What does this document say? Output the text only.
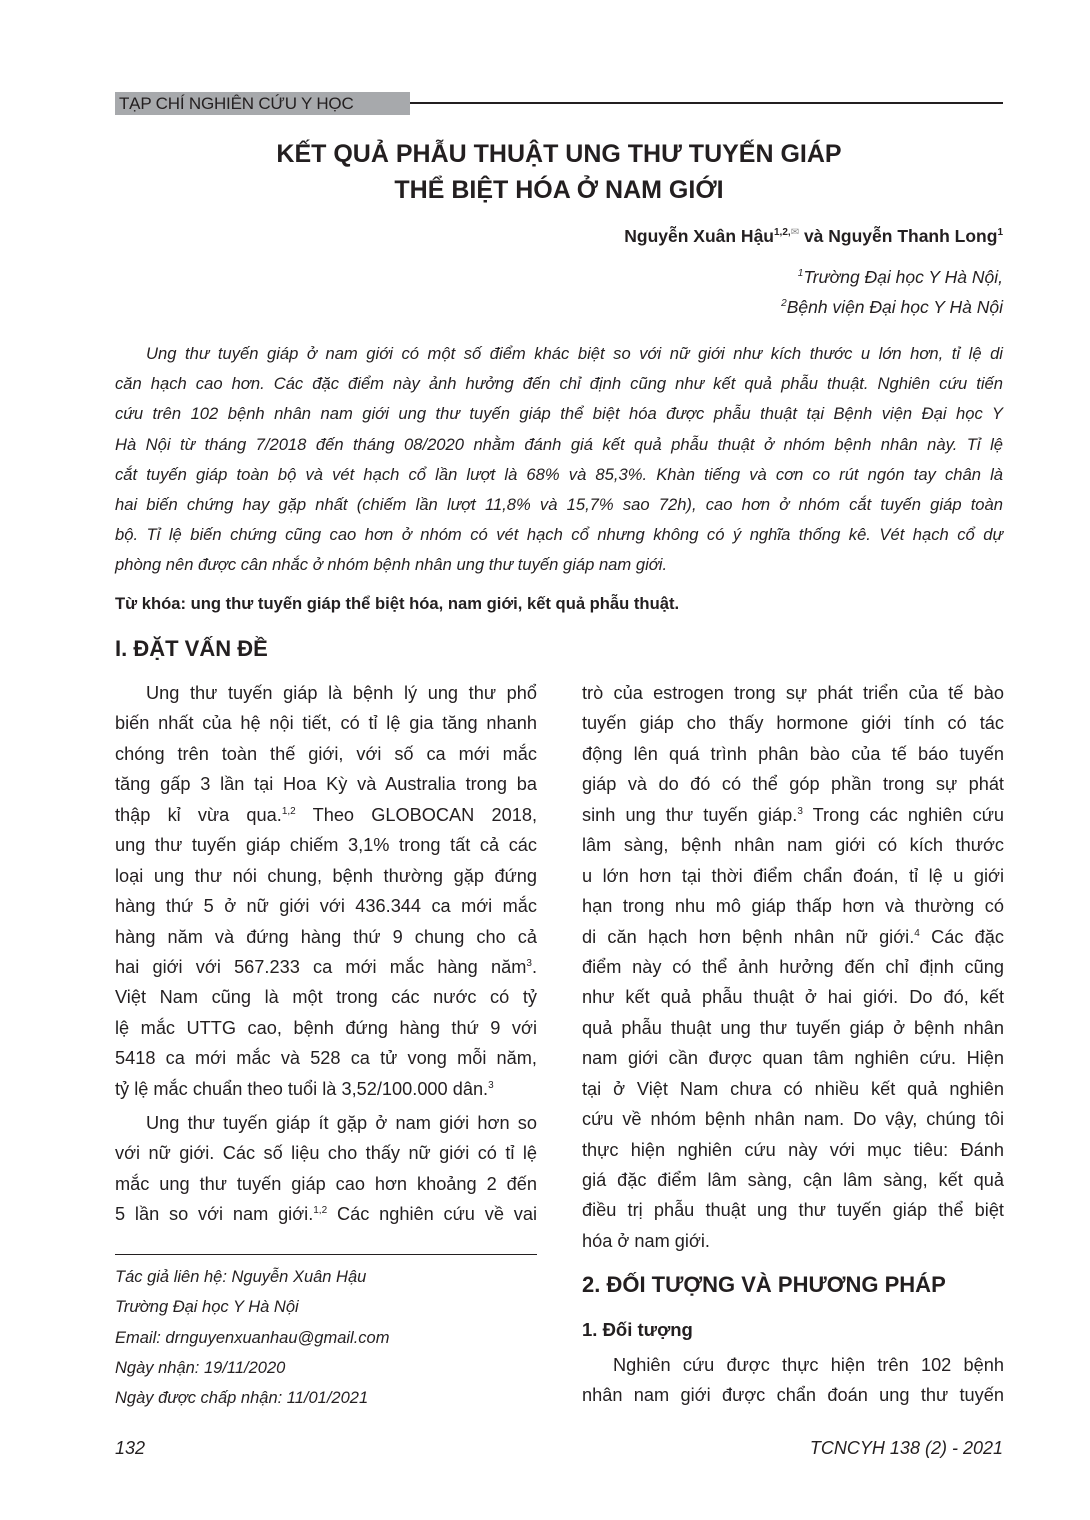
TẠP CHÍ NGHIÊN CỨU Y HỌC
KẾT QUẢ PHẪU THUẬT UNG THƯ TUYẾN GIÁP
THỂ BIỆT HÓA Ở NAM GIỚI
Nguyễn Xuân Hậu$^{1,2,✉}$ và Nguyễn Thanh Long$^1$
$^1$Trường Đại học Y Hà Nội,
$^2$Bệnh viện Đại học Y Hà Nội
Ung thư tuyến giáp ở nam giới có một số điểm khác biệt so với nữ giới như kích thước u lớn hơn, tỉ lệ di
căn hạch cao hơn. Các đặc điểm này ảnh hưởng đến chỉ định cũng như kết quả phẫu thuật. Nghiên cứu tiến
cứu trên 102 bệnh nhân nam giới ung thư tuyến giáp thể biệt hóa được phẫu thuật tại Bệnh viện Đại học Y
Hà Nội từ tháng 7/2018 đến tháng 08/2020 nhằm đánh giá kết quả phẫu thuật ở nhóm bệnh nhân này. Tỉ lệ
cắt tuyến giáp toàn bộ và vét hạch cổ lần lượt là 68% và 85,3%. Khàn tiếng và cơn co rút ngón tay chân là
hai biến chứng hay gặp nhất (chiếm lần lượt 11,8% và 15,7% sao 72h), cao hơn ở nhóm cắt tuyến giáp toàn
bộ. Tỉ lệ biến chứng cũng cao hơn ở nhóm có vét hạch cổ nhưng không có ý nghĩa thống kê. Vét hạch cổ dự
phòng nên được cân nhắc ở nhóm bệnh nhân ung thư tuyến giáp nam giới.
Từ khóa: ung thư tuyến giáp thể biệt hóa, nam giới, kết quả phẫu thuật.
I. ĐẶT VẤN ĐỀ
Ung thư tuyến giáp là bệnh lý ung thư phổ
biến nhất của hệ nội tiết, có tỉ lệ gia tăng nhanh
chóng trên toàn thế giới, với số ca mới mắc
tăng gấp 3 lần tại Hoa Kỳ và Australia trong ba
thập kỉ vừa qua.$^{1,2}$ Theo GLOBOCAN 2018,
ung thư tuyến giáp chiếm 3,1% trong tất cả các
loại ung thư nói chung, bệnh thường gặp đứng
hàng thứ 5 ở nữ giới với 436.344 ca mới mắc
hàng năm và đứng hàng thứ 9 chung cho cả
hai giới với 567.233 ca mới mắc hàng năm$^3$.
Việt Nam cũng là một trong các nước có tỷ
lệ mắc UTTG cao, bệnh đứng hàng thứ 9 với
5418 ca mới mắc và 528 ca tử vong mỗi năm,
tỷ lệ mắc chuẩn theo tuổi là 3,52/100.000 dân.$^3$
Ung thư tuyến giáp ít gặp ở nam giới hơn so
với nữ giới. Các số liệu cho thấy nữ giới có tỉ lệ
mắc ung thư tuyến giáp cao hơn khoảng 2 đến
5 lần so với nam giới.$^{1,2}$ Các nghiên cứu về vai
Tác giả liên hệ: Nguyễn Xuân Hậu
Trường Đại học Y Hà Nội
Email: drnguyenxuanhau@gmail.com
Ngày nhận: 19/11/2020
Ngày được chấp nhận: 11/01/2021
trò của estrogen trong sự phát triển của tế bào
tuyến giáp cho thấy hormone giới tính có tác
động lên quá trình phân bào của tế báo tuyến
giáp và do đó có thể góp phần trong sự phát
sinh ung thư tuyến giáp.$^3$ Trong các nghiên cứu
lâm sàng, bệnh nhân nam giới có kích thước
u lớn hơn tại thời điểm chẩn đoán, tỉ lệ u giới
hạn trong nhu mô giáp thấp hơn và thường có
di căn hạch hơn bệnh nhân nữ giới.$^4$ Các đặc
điểm này có thể ảnh hưởng đến chỉ định cũng
như kết quả phẫu thuật ở hai giới. Do đó, kết
quả phẫu thuật ung thư tuyến giáp ở bệnh nhân
nam giới cần được quan tâm nghiên cứu. Hiện
tại ở Việt Nam chưa có nhiều kết quả nghiên
cứu về nhóm bệnh nhân nam. Do vậy, chúng tôi
thực hiện nghiên cứu này với mục tiêu: Đánh
giá đặc điểm lâm sàng, cận lâm sàng, kết quả
điều trị phẫu thuật ung thư tuyến giáp thể biệt
hóa ở nam giới.
2. ĐỐI TƯỢNG VÀ PHƯƠNG PHÁP
1. Đối tượng
Nghiên cứu được thực hiện trên 102 bệnh
nhân nam giới được chẩn đoán ung thư tuyến
132	TCNCYH 138 (2) - 2021
